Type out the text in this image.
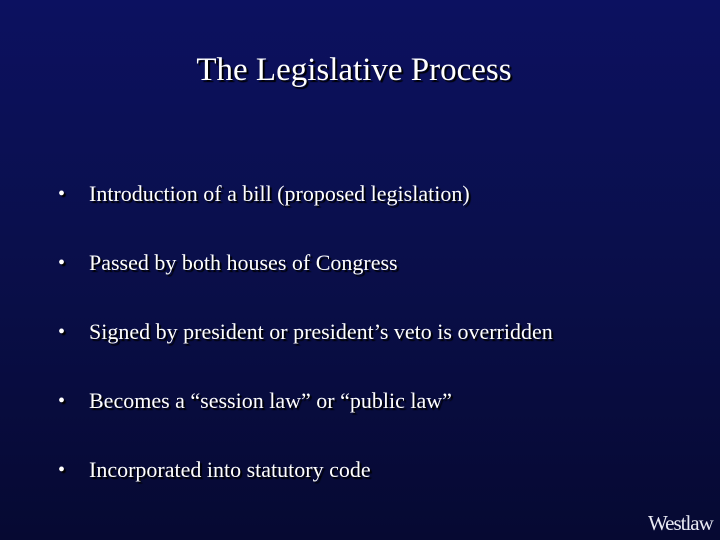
The Legislative Process
•	Introduction of a bill (proposed legislation)
•	Passed by both houses of Congress
•	Signed by president or president’s veto is overridden
•	Becomes a “session law” or “public law”
•	Incorporated into statutory code
Westlaw
